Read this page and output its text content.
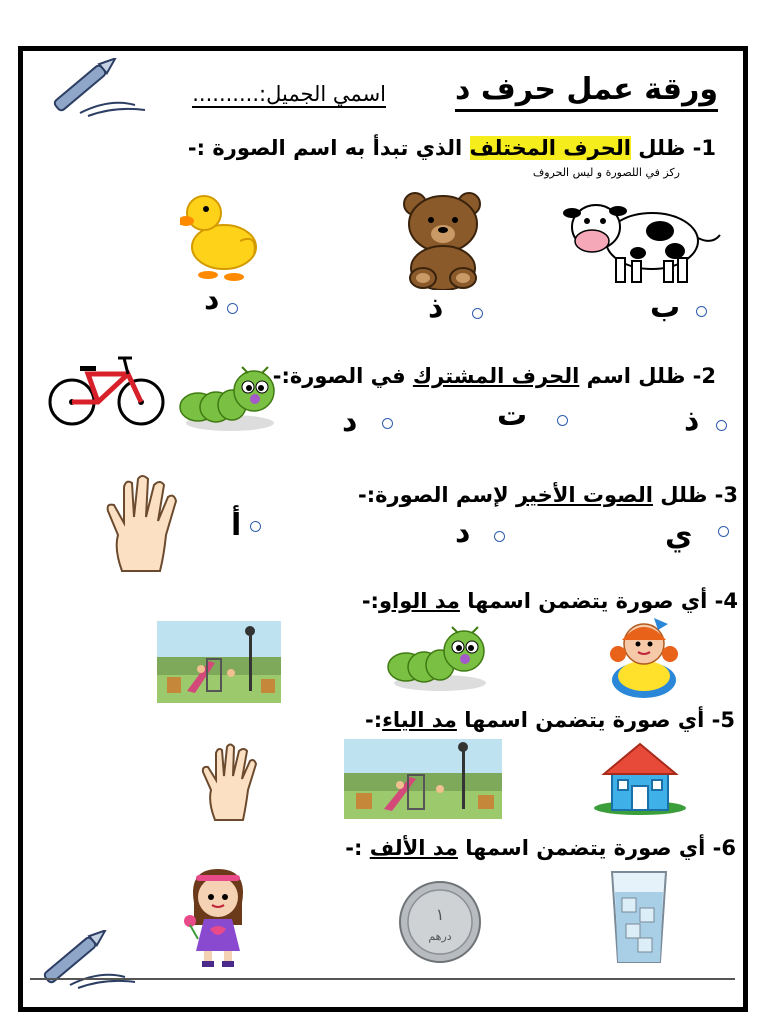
ورقة عمل حرف د
اسمي الجميل:..........
1- ظلل الحرف المختلف الذي تبدأ به اسم الصورة :-
ركز في اللصورة و ليس الحروف
ب
ذ
د
2- ظلل اسم الحرف المشترك في الصورة:-
ذ
ت
د
3- ظلل الصوت الأخير لإسم الصورة:-
ي
د
أ
4- أي صورة يتضمن اسمها مد الواو:-
5- أي صورة يتضمن اسمها مد الياء:-
6- أي صورة يتضمن اسمها مد الألف :-
١
درهم
